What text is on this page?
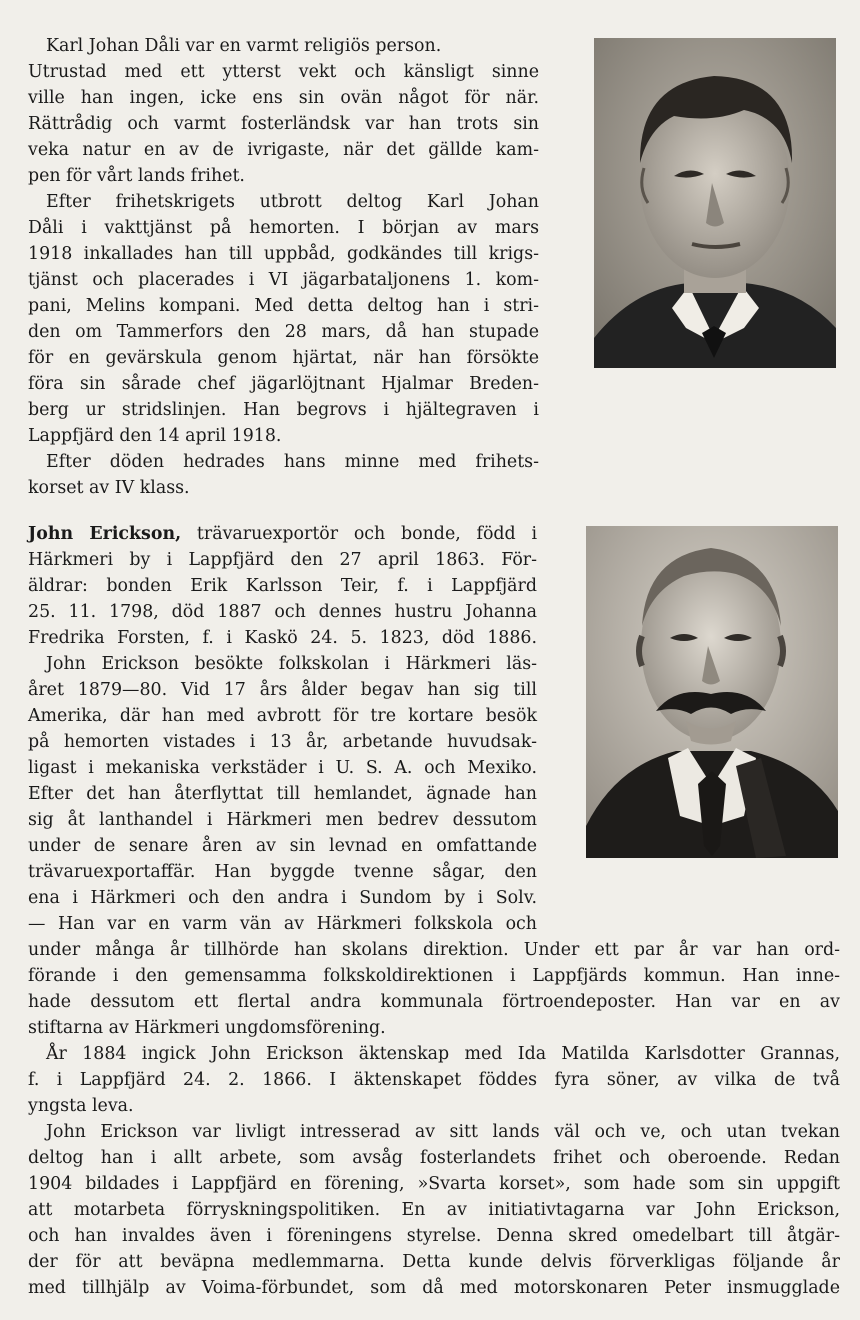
Karl Johan Dåli var en varmt religiös person.
Utrustad med ett ytterst vekt och känsligt sinne
ville han ingen, icke ens sin ovän något för när.
Rättrådig och varmt fosterländsk var han trots sin
veka natur en av de ivrigaste, när det gällde kam-
pen för vårt lands frihet.
Efter frihetskrigets utbrott deltog Karl Johan
Dåli i vakttjänst på hemorten. I början av mars
1918 inkallades han till uppbåd, godkändes till krigs-
tjänst och placerades i VI jägarbataljonens 1. kom-
pani, Melins kompani. Med detta deltog han i stri-
den om Tammerfors den 28 mars, då han stupade
för en gevärskula genom hjärtat, när han försökte
föra sin sårade chef jägarlöjtnant Hjalmar Breden-
berg ur stridslinjen. Han begrovs i hjältegraven i
Lappfjärd den 14 april 1918.
Efter döden hedrades hans minne med frihets-
korset av IV klass.
John Erickson, trävaruexportör och bonde, född i
Härkmeri by i Lappfjärd den 27 april 1863. För-
äldrar: bonden Erik Karlsson Teir, f. i Lappfjärd
25. 11. 1798, död 1887 och dennes hustru Johanna
Fredrika Forsten, f. i Kaskö 24. 5. 1823, död 1886.
John Erickson besökte folkskolan i Härkmeri läs-
året 1879—80. Vid 17 års ålder begav han sig till
Amerika, där han med avbrott för tre kortare besök
på hemorten vistades i 13 år, arbetande huvudsak-
ligast i mekaniska verkstäder i U. S. A. och Mexiko.
Efter det han återflyttat till hemlandet, ägnade han
sig åt lanthandel i Härkmeri men bedrev dessutom
under de senare åren av sin levnad en omfattande
trävaruexportaffär. Han byggde tvenne sågar, den
ena i Härkmeri och den andra i Sundom by i Solv.
— Han var en varm vän av Härkmeri folkskola och
under många år tillhörde han skolans direktion. Under ett par år var han ord-
förande i den gemensamma folkskoldirektionen i Lappfjärds kommun. Han inne-
hade dessutom ett flertal andra kommunala förtroendeposter. Han var en av
stiftarna av Härkmeri ungdomsförening.
År 1884 ingick John Erickson äktenskap med Ida Matilda Karlsdotter Grannas,
f. i Lappfjärd 24. 2. 1866. I äktenskapet föddes fyra söner, av vilka de två
yngsta leva.
John Erickson var livligt intresserad av sitt lands väl och ve, och utan tvekan
deltog han i allt arbete, som avsåg fosterlandets frihet och oberoende. Redan
1904 bildades i Lappfjärd en förening, »Svarta korset», som hade som sin uppgift
att motarbeta förryskningspolitiken. En av initiativtagarna var John Erickson,
och han invaldes även i föreningens styrelse. Denna skred omedelbart till åtgär-
der för att beväpna medlemmarna. Detta kunde delvis förverkligas följande år
med tillhjälp av Voima-förbundet, som då med motorskonaren Peter insmugglade
